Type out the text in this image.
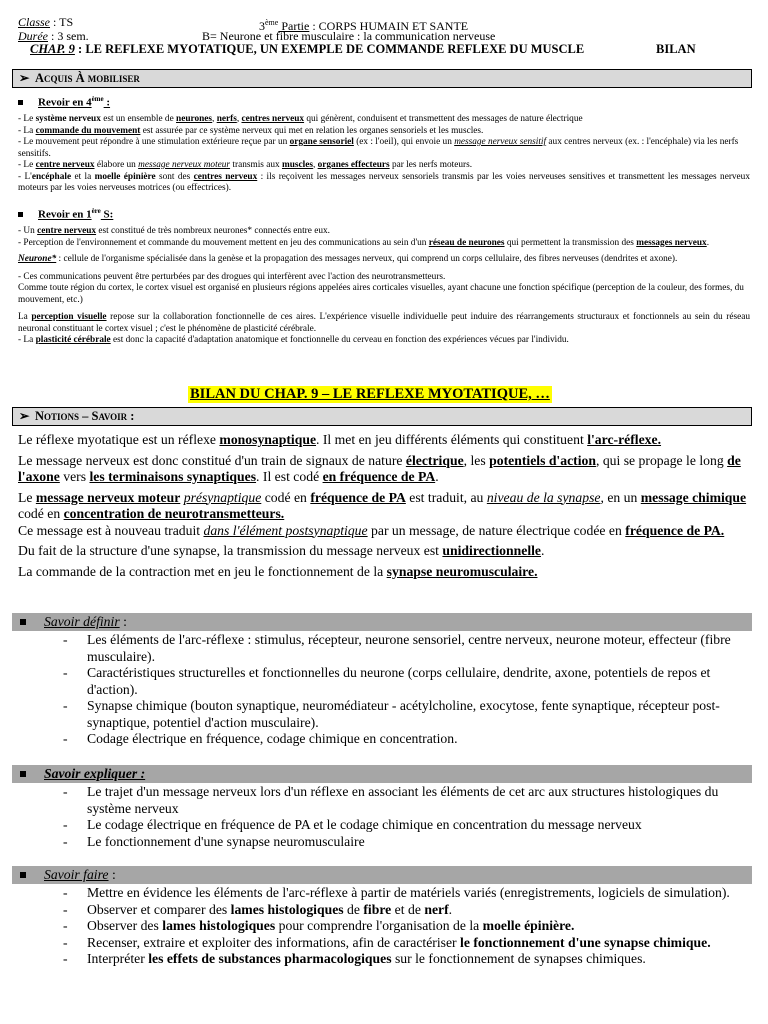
Classe : TS	3ème Partie : CORPS HUMAIN ET SANTE
Durée : 3 sem.	B= Neurone et fibre musculaire : la communication nerveuse
CHAP. 9 : LE REFLEXE MYOTATIQUE, UN EXEMPLE DE COMMANDE REFLEXE DU MUSCLE	BILAN
➢ Acquis À mobiliser
Revoir en 4ème :

- Le système nerveux est un ensemble de neurones, nerfs, centres nerveux qui génèrent, conduisent et transmettent des messages de nature électrique

- La commande du mouvement est assurée par ce système nerveux qui met en relation les organes sensoriels et les muscles.

- Le mouvement peut répondre à une stimulation extérieure reçue par un organe sensoriel (ex : l'oeil), qui envoie un message nerveux sensitif aux centres nerveux (ex. : l'encéphale) via les nerfs sensitifs.

- Le centre nerveux élabore un message nerveux moteur transmis aux muscles, organes effecteurs par les nerfs moteurs.

- L'encéphale et la moelle épinière sont des centres nerveux : ils reçoivent les messages nerveux sensoriels transmis par les voies nerveuses sensitives et transmettent les messages nerveux moteurs par les voies nerveuses motrices (ou effectrices).

Revoir en 1ère S:

- Un centre nerveux est constitué de très nombreux neurones* connectés entre eux.

- Perception de l'environnement et commande du mouvement mettent en jeu des communications au sein d'un réseau de neurones qui permettent la transmission des messages nerveux.

Neurone* : cellule de l'organisme spécialisée dans la genèse et la propagation des messages nerveux, qui comprend un corps cellulaire, des fibres nerveuses (dendrites et axone).

- Ces communications peuvent être perturbées par des drogues qui interfèrent avec l'action des neurotransmetteurs.

Comme toute région du cortex, le cortex visuel est organisé en plusieurs régions appelées aires corticales visuelles, ayant chacune une fonction spécifique (perception de la couleur, des formes, du mouvement, etc.)

La perception visuelle repose sur la collaboration fonctionnelle de ces aires. L'expérience visuelle individuelle peut induire des réarrangements structuraux et fonctionnels au sein du réseau neuronal constituant le cortex visuel ; c'est le phénomène de plasticité cérébrale.

- La plasticité cérébrale est donc la capacité d'adaptation anatomique et fonctionnelle du cerveau en fonction des expériences vécues par l'individu.

BILAN DU CHAP. 9 – LE REFLEXE MYOTATIQUE, …
➢ Notions – Savoir :

Le réflexe myotatique est un réflexe monosynaptique. Il met en jeu différents éléments qui constituent l'arc-réflexe.

Le message nerveux est donc constitué d'un train de signaux de nature électrique, les potentiels d'action, qui se propage le long de l'axone vers les terminaisons synaptiques. Il est codé en fréquence de PA.

Le message nerveux moteur présynaptique codé en fréquence de PA est traduit, au niveau de la synapse, en un message chimique codé en concentration de neurotransmetteurs.

Ce message est à nouveau traduit dans l'élément postsynaptique par un message, de nature électrique codée en fréquence de PA.

Du fait de la structure d'une synapse, la transmission du message nerveux est unidirectionnelle.

La commande de la contraction met en jeu le fonctionnement de la synapse neuromusculaire.

Savoir définir :
- Les éléments de l'arc-réflexe : stimulus, récepteur, neurone sensoriel, centre nerveux, neurone moteur, effecteur (fibre musculaire).
- Caractéristiques structurelles et fonctionnelles du neurone (corps cellulaire, dendrite, axone, potentiels de repos et d'action).
- Synapse chimique (bouton synaptique, neuromédiateur - acétylcholine, exocytose, fente synaptique, récepteur post-synaptique, potentiel d'action musculaire).
- Codage électrique en fréquence, codage chimique en concentration.
Savoir expliquer :
- Le trajet d'un message nerveux lors d'un réflexe en associant les éléments de cet arc aux structures histologiques du système nerveux
- Le codage électrique en fréquence de PA et le codage chimique en concentration du message nerveux
- Le fonctionnement d'une synapse neuromusculaire
Savoir faire :
- Mettre en évidence les éléments de l'arc-réflexe à partir de matériels variés (enregistrements, logiciels de simulation).
- Observer et comparer des lames histologiques de fibre et de nerf.
- Observer des lames histologiques pour comprendre l'organisation de la moelle épinière.
- Recenser, extraire et exploiter des informations, afin de caractériser le fonctionnement d'une synapse chimique.
- Interpréter les effets de substances pharmacologiques sur le fonctionnement de synapses chimiques.
